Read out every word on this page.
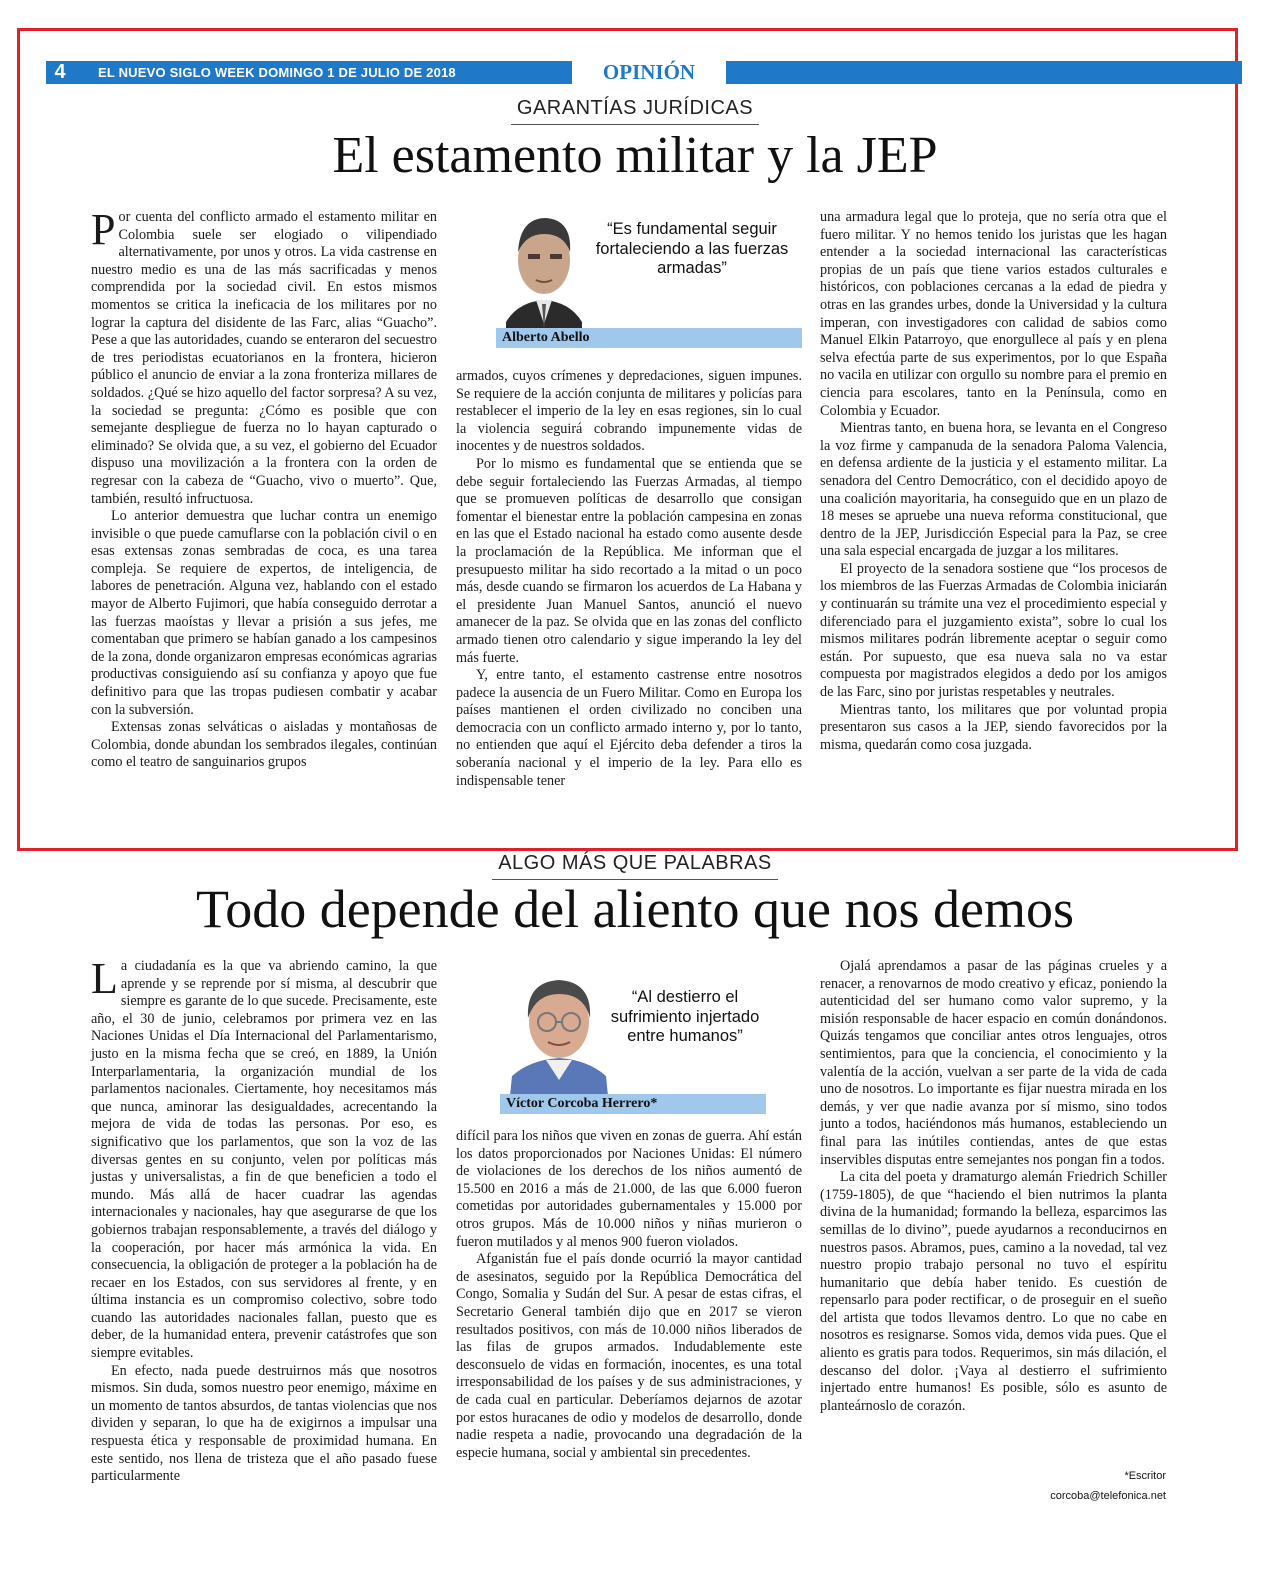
4	EL NUEVO SIGLO WEEK DOMINGO 1 DE JULIO DE 2018	OPINIÓN
GARANTÍAS JURÍDICAS
El estamento militar y la JEP

Por cuenta del conflicto armado el estamento militar en Colombia suele ser elogiado o vilipendiado alternativamente, por unos y otros. La vida castrense en nuestro medio es una de las más sacrificadas y menos comprendida por la sociedad civil. En estos mismos momentos se critica la ineficacia de los militares por no lograr la captura del disidente de las Farc, alias “Guacho”. Pese a que las autoridades, cuando se enteraron del secuestro de tres periodistas ecuatorianos en la frontera, hicieron público el anuncio de enviar a la zona fronteriza millares de soldados. ¿Qué se hizo aquello del factor sorpresa? A su vez, la sociedad se pregunta: ¿Cómo es posible que con semejante despliegue de fuerza no lo hayan capturado o eliminado? Se olvida que, a su vez, el gobierno del Ecuador dispuso una movilización a la frontera con la orden de regresar con la cabeza de “Guacho, vivo o muerto”. Que, también, resultó infructuosa.

Lo anterior demuestra que luchar contra un enemigo invisible o que puede camuflarse con la población civil o en esas extensas zonas sembradas de coca, es una tarea compleja. Se requiere de expertos, de inteligencia, de labores de penetración. Alguna vez, hablando con el estado mayor de Alberto Fujimori, que había conseguido derrotar a las fuerzas maoístas y llevar a prisión a sus jefes, me comentaban que primero se habían ganado a los campesinos de la zona, donde organizaron empresas económicas agrarias productivas consiguiendo así su confianza y apoyo que fue definitivo para que las tropas pudiesen combatir y acabar con la subversión.

Extensas zonas selváticas o aisladas y montañosas de Colombia, donde abundan los sembrados ilegales, continúan como el teatro de sanguinarios grupos

“Es fundamental seguir fortaleciendo a las fuerzas armadas”
Alberto Abello

armados, cuyos crímenes y depredaciones, siguen impunes. Se requiere de la acción conjunta de militares y policías para restablecer el imperio de la ley en esas regiones, sin lo cual la violencia seguirá cobrando impunemente vidas de inocentes y de nuestros soldados.

Por lo mismo es fundamental que se entienda que se debe seguir fortaleciendo las Fuerzas Armadas, al tiempo que se promueven políticas de desarrollo que consigan fomentar el bienestar entre la población campesina en zonas en las que el Estado nacional ha estado como ausente desde la proclamación de la República. Me informan que el presupuesto militar ha sido recortado a la mitad o un poco más, desde cuando se firmaron los acuerdos de La Habana y el presidente Juan Manuel Santos, anunció el nuevo amanecer de la paz. Se olvida que en las zonas del conflicto armado tienen otro calendario y sigue imperando la ley del más fuerte.

Y, entre tanto, el estamento castrense entre nosotros padece la ausencia de un Fuero Militar. Como en Europa los países mantienen el orden civilizado no conciben una democracia con un conflicto armado interno y, por lo tanto, no entienden que aquí el Ejército deba defender a tiros la soberanía nacional y el imperio de la ley. Para ello es indispensable tener

una armadura legal que lo proteja, que no sería otra que el fuero militar. Y no hemos tenido los juristas que les hagan entender a la sociedad internacional las características propias de un país que tiene varios estados culturales e históricos, con poblaciones cercanas a la edad de piedra y otras en las grandes urbes, donde la Universidad y la cultura imperan, con investigadores con calidad de sabios como Manuel Elkin Patarroyo, que enorgullece al país y en plena selva efectúa parte de sus experimentos, por lo que España no vacila en utilizar con orgullo su nombre para el premio en ciencia para escolares, tanto en la Península, como en Colombia y Ecuador.

Mientras tanto, en buena hora, se levanta en el Congreso la voz firme y campanuda de la senadora Paloma Valencia, en defensa ardiente de la justicia y el estamento militar. La senadora del Centro Democrático, con el decidido apoyo de una coalición mayoritaria, ha conseguido que en un plazo de 18 meses se apruebe una nueva reforma constitucional, que dentro de la JEP, Jurisdicción Especial para la Paz, se cree una sala especial encargada de juzgar a los militares.

El proyecto de la senadora sostiene que “los procesos de los miembros de las Fuerzas Armadas de Colombia iniciarán y continuarán su trámite una vez el procedimiento especial y diferenciado para el juzgamiento exista”, sobre lo cual los mismos militares podrán libremente aceptar o seguir como están. Por supuesto, que esa nueva sala no va estar compuesta por magistrados elegidos a dedo por los amigos de las Farc, sino por juristas respetables y neutrales.

Mientras tanto, los militares que por voluntad propia presentaron sus casos a la JEP, siendo favorecidos por la misma, quedarán como cosa juzgada.

ALGO MÁS QUE PALABRAS
Todo depende del aliento que nos demos

La ciudadanía es la que va abriendo camino, la que aprende y se reprende por sí misma, al descubrir que siempre es garante de lo que sucede. Precisamente, este año, el 30 de junio, celebramos por primera vez en las Naciones Unidas el Día Internacional del Parlamentarismo, justo en la misma fecha que se creó, en 1889, la Unión Interparlamentaria, la organización mundial de los parlamentos nacionales. Ciertamente, hoy necesitamos más que nunca, aminorar las desigualdades, acrecentando la mejora de vida de todas las personas. Por eso, es significativo que los parlamentos, que son la voz de las diversas gentes en su conjunto, velen por políticas más justas y universalistas, a fin de que beneficien a todo el mundo. Más allá de hacer cuadrar las agendas internacionales y nacionales, hay que asegurarse de que los gobiernos trabajan responsablemente, a través del diálogo y la cooperación, por hacer más armónica la vida. En consecuencia, la obligación de proteger a la población ha de recaer en los Estados, con sus servidores al frente, y en última instancia es un compromiso colectivo, sobre todo cuando las autoridades nacionales fallan, puesto que es deber, de la humanidad entera, prevenir catástrofes que son siempre evitables.

En efecto, nada puede destruirnos más que nosotros mismos. Sin duda, somos nuestro peor enemigo, máxime en un momento de tantos absurdos, de tantas violencias que nos dividen y separan, lo que ha de exigirnos a impulsar una respuesta ética y responsable de proximidad humana. En este sentido, nos llena de tristeza que el año pasado fuese particularmente

“Al destierro el sufrimiento injertado entre humanos”
Víctor Corcoba Herrero*

difícil para los niños que viven en zonas de guerra. Ahí están los datos proporcionados por Naciones Unidas: El número de violaciones de los derechos de los niños aumentó de 15.500 en 2016 a más de 21.000, de las que 6.000 fueron cometidas por autoridades gubernamentales y 15.000 por otros grupos. Más de 10.000 niños y niñas murieron o fueron mutilados y al menos 900 fueron violados.

Afganistán fue el país donde ocurrió la mayor cantidad de asesinatos, seguido por la República Democrática del Congo, Somalia y Sudán del Sur. A pesar de estas cifras, el Secretario General también dijo que en 2017 se vieron resultados positivos, con más de 10.000 niños liberados de las filas de grupos armados. Indudablemente este desconsuelo de vidas en formación, inocentes, es una total irresponsabilidad de los países y de sus administraciones, y de cada cual en particular. Deberíamos dejarnos de azotar por estos huracanes de odio y modelos de desarrollo, donde nadie respeta a nadie, provocando una degradación de la especie humana, social y ambiental sin precedentes.

Ojalá aprendamos a pasar de las páginas crueles y a renacer, a renovarnos de modo creativo y eficaz, poniendo la autenticidad del ser humano como valor supremo, y la misión responsable de hacer espacio en común donándonos. Quizás tengamos que conciliar antes otros lenguajes, otros sentimientos, para que la conciencia, el conocimiento y la valentía de la acción, vuelvan a ser parte de la vida de cada uno de nosotros. Lo importante es fijar nuestra mirada en los demás, y ver que nadie avanza por sí mismo, sino todos junto a todos, haciéndonos más humanos, estableciendo un final para las inútiles contiendas, antes de que estas inservibles disputas entre semejantes nos pongan fin a todos.

La cita del poeta y dramaturgo alemán Friedrich Schiller (1759-1805), de que “haciendo el bien nutrimos la planta divina de la humanidad; formando la belleza, esparcimos las semillas de lo divino”, puede ayudarnos a reconducirnos en nuestros pasos. Abramos, pues, camino a la novedad, tal vez nuestro propio trabajo personal no tuvo el espíritu humanitario que debía haber tenido. Es cuestión de repensarlo para poder rectificar, o de proseguir en el sueño del artista que todos llevamos dentro. Lo que no cabe en nosotros es resignarse. Somos vida, demos vida pues. Que el aliento es gratis para todos. Requerimos, sin más dilación, el descanso del dolor. ¡Vaya al destierro el sufrimiento injertado entre humanos! Es posible, sólo es asunto de planteárnoslo de corazón.

*Escritor
corcoba@telefonica.net
